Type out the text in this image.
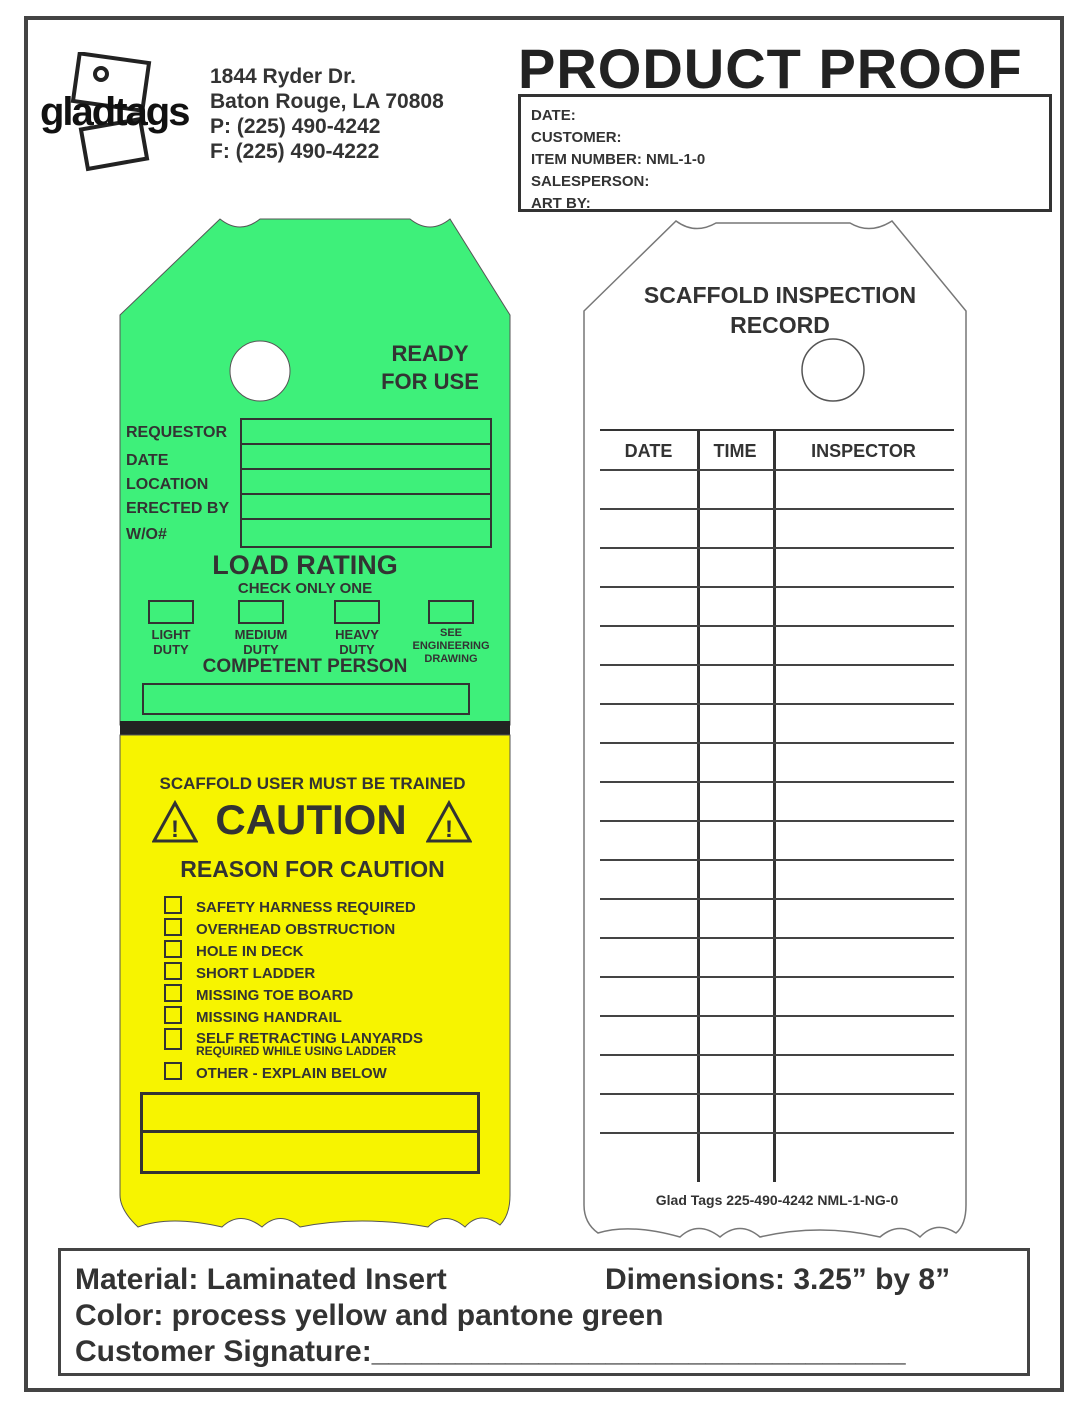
gladtags
1844 Ryder Dr.
Baton Rouge, LA 70808
P: (225) 490-4242
F: (225) 490-4222
PRODUCT PROOF
DATE:
CUSTOMER:
ITEM NUMBER: NML-1-0
SALESPERSON:
ART BY:
READY
FOR USE
REQUESTOR
DATE
LOCATION
ERECTED BY
W/O#
LOAD RATING
CHECK ONLY ONE
LIGHT
DUTY
MEDIUM
DUTY
HEAVY
DUTY
SEE
ENGINEERING
DRAWING
COMPETENT PERSON
SCAFFOLD USER MUST BE TRAINED
! CAUTION	!
REASON FOR CAUTION
SAFETY HARNESS REQUIRED
OVERHEAD OBSTRUCTION
HOLE IN DECK
SHORT LADDER
MISSING TOE BOARD
MISSING HANDRAIL
SELF RETRACTING LANYARDS
REQUIRED WHILE USING LADDER
OTHER - EXPLAIN BELOW
SCAFFOLD INSPECTION
RECORD
DATE	TIME	INSPECTOR
Glad Tags 225-490-4242 NML-1-NG-0
Material: Laminated Insert	Dimensions: 3.25” by 8”
Color: process yellow and pantone green
Customer Signature:________________________________
